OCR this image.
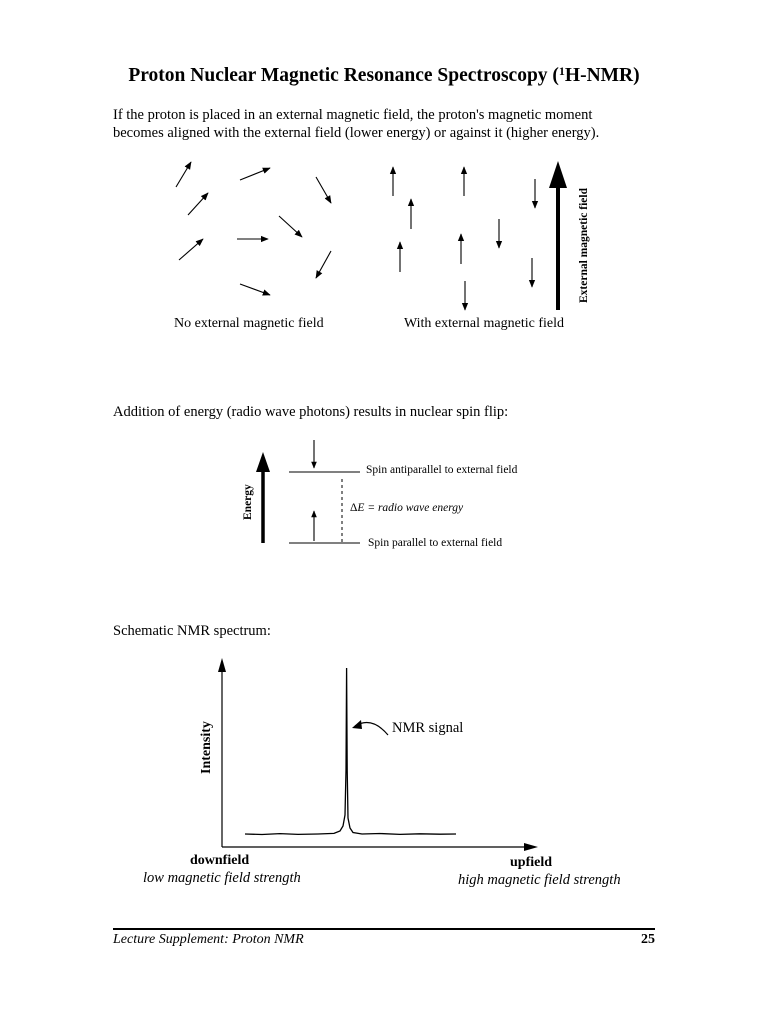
Proton Nuclear Magnetic Resonance Spectroscopy ($^1$H-NMR)
If the proton is placed in an external magnetic field, the proton's magnetic moment
becomes aligned with the external field (lower energy) or against it (higher energy).
External magnetic field
No external magnetic field	With external magnetic field
Addition of energy (radio wave photons) results in nuclear spin flip:
Energy
Spin antiparallel to external field
ΔE = radio wave energy
Spin parallel to external field
Schematic NMR spectrum:
Intensity	NMR signal
downfield
low magnetic field strength
upfield
high magnetic field strength
Lecture Supplement: Proton NMR	25
